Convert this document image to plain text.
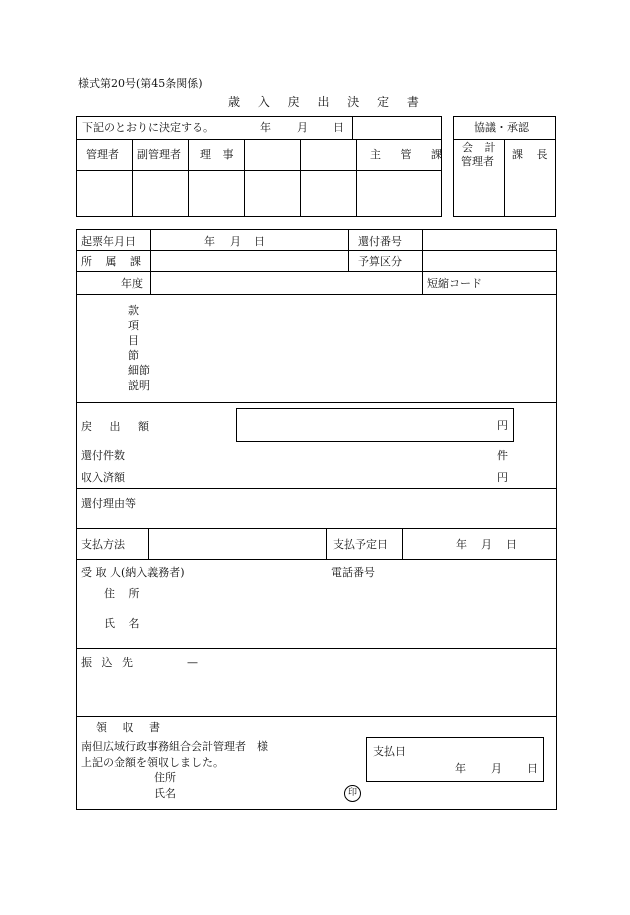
様式第20号(第45条関係)
歳 入 戻 出 決 定 書
下記のとおりに決定する。	年 月 日
管理者 副管理者 理 事	主 管 課
協議・承認
会 計
管理者
課 長
起票年月日	年 月 日	還付番号
所 属 課	予算区分
年度	短縮コード
款
項
目
節
細節
説明
戻 出 額	円
還付件数	件
収入済額	円
還付理由等
支払方法	支払予定日	年 月 日
受 取 人(納入義務者)	電話番号
住 所
氏 名
振 込 先	—
領 収 書
南但広域行政事務組合会計管理者　様
上記の金額を領収しました。
住所
氏名	印
支払日
年 月 日
